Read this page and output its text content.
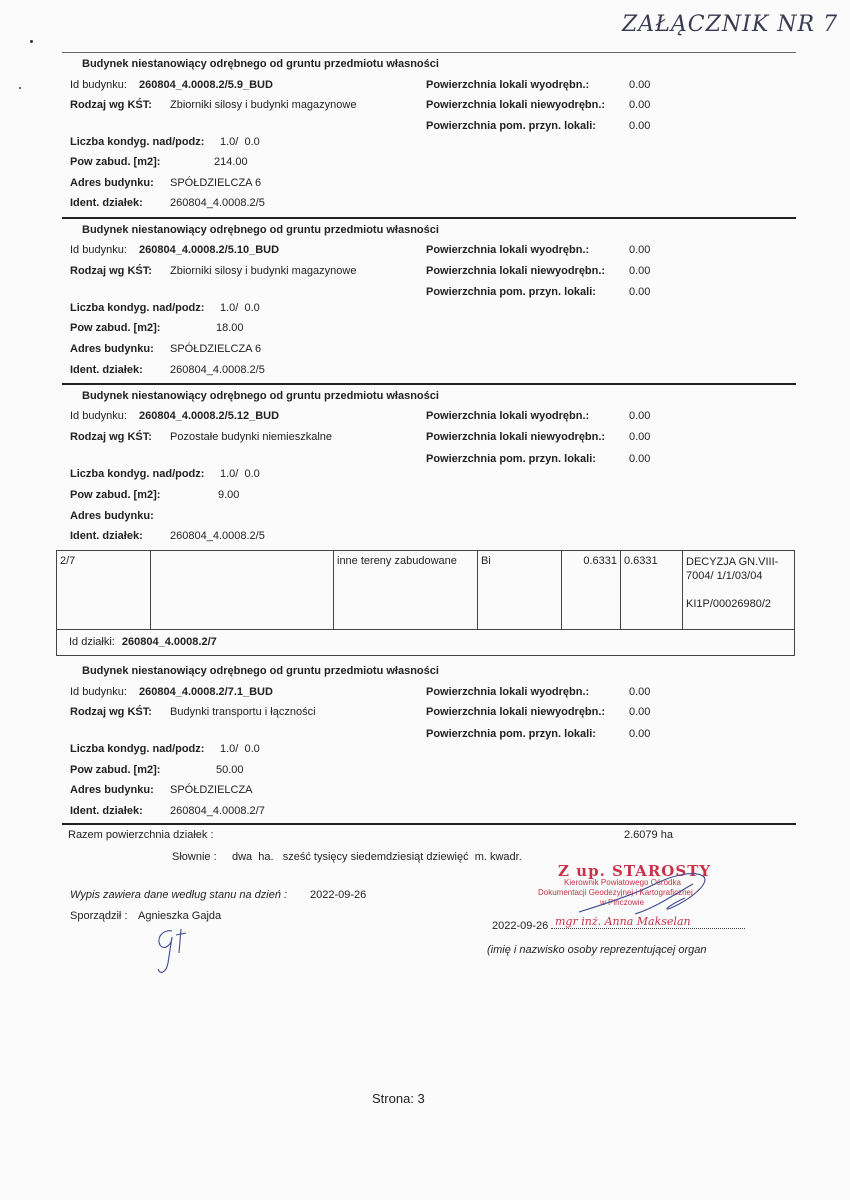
ZAŁĄCZNIK NR 7
Budynek niestanowiący odrębnego od gruntu przedmiotu własności
Id budynku: 260804_4.0008.2/5.9_BUD
Rodzaj wg KŚT: Zbiorniki silosy i budynki magazynowe
Powierzchnia lokali wyodrębn.:	0.00
Powierzchnia lokali niewyodrębn.: 0.00
Powierzchnia pom. przyn. lokali:	0.00
Liczba kondyg. nad/podz: 1.0/  0.0
Pow zabud. [m2]:	214.00
Adres budynku: SPÓŁDZIELCZA 6
Ident. działek: 260804_4.0008.2/5
Budynek niestanowiący odrębnego od gruntu przedmiotu własności
Id budynku: 260804_4.0008.2/5.10_BUD
Rodzaj wg KŚT: Zbiorniki silosy i budynki magazynowe
Powierzchnia lokali wyodrębn.:	0.00
Powierzchnia lokali niewyodrębn.: 0.00
Powierzchnia pom. przyn. lokali:	0.00
Liczba kondyg. nad/podz: 1.0/  0.0
Pow zabud. [m2]:	18.00
Adres budynku: SPÓŁDZIELCZA 6
Ident. działek: 260804_4.0008.2/5
Budynek niestanowiący odrębnego od gruntu przedmiotu własności
Id budynku: 260804_4.0008.2/5.12_BUD
Rodzaj wg KŚT: Pozostałe budynki niemieszkalne
Powierzchnia lokali wyodrębn.:	0.00
Powierzchnia lokali niewyodrębn.: 0.00
Powierzchnia pom. przyn. lokali:	0.00
Liczba kondyg. nad/podz: 1.0/  0.0
Pow zabud. [m2]:	9.00
Adres budynku:
Ident. działek: 260804_4.0008.2/5
2/7		inne tereny zabudowane	Bi	0.6331	0.6331	DECYZJA GN.VIII-7004/ 1/1/03/04
KI1P/00026980/2

Id działki: 260804_4.0008.2/7
Budynek niestanowiący odrębnego od gruntu przedmiotu własności
Id budynku: 260804_4.0008.2/7.1_BUD
Rodzaj wg KŚT: Budynki transportu i łączności
Powierzchnia lokali wyodrębn.:	0.00
Powierzchnia lokali niewyodrębn.: 0.00
Powierzchnia pom. przyn. lokali:	0.00
Liczba kondyg. nad/podz: 1.0/  0.0
Pow zabud. [m2]:	50.00
Adres budynku: SPÓŁDZIELCZA
Ident. działek: 260804_4.0008.2/7
Razem powierzchnia działek :	2.6079 ha
Słownie : dwa  ha.   sześć tysięcy siedemdziesiąt dziewięć  m. kwadr.
Wypis zawiera dane według stanu na dzień : 2022-09-26
Sporządził : Agnieszka Gajda
Z up. STAROSTY
Kierownik Powiatowego Ośrodka
Dokumentacji Geodezyjnej i Kartograficznej
w Pińczowie
2022-09-26 mgr inż. Anna Makselan
(imię i nazwisko osoby reprezentującej organ
Strona: 3
